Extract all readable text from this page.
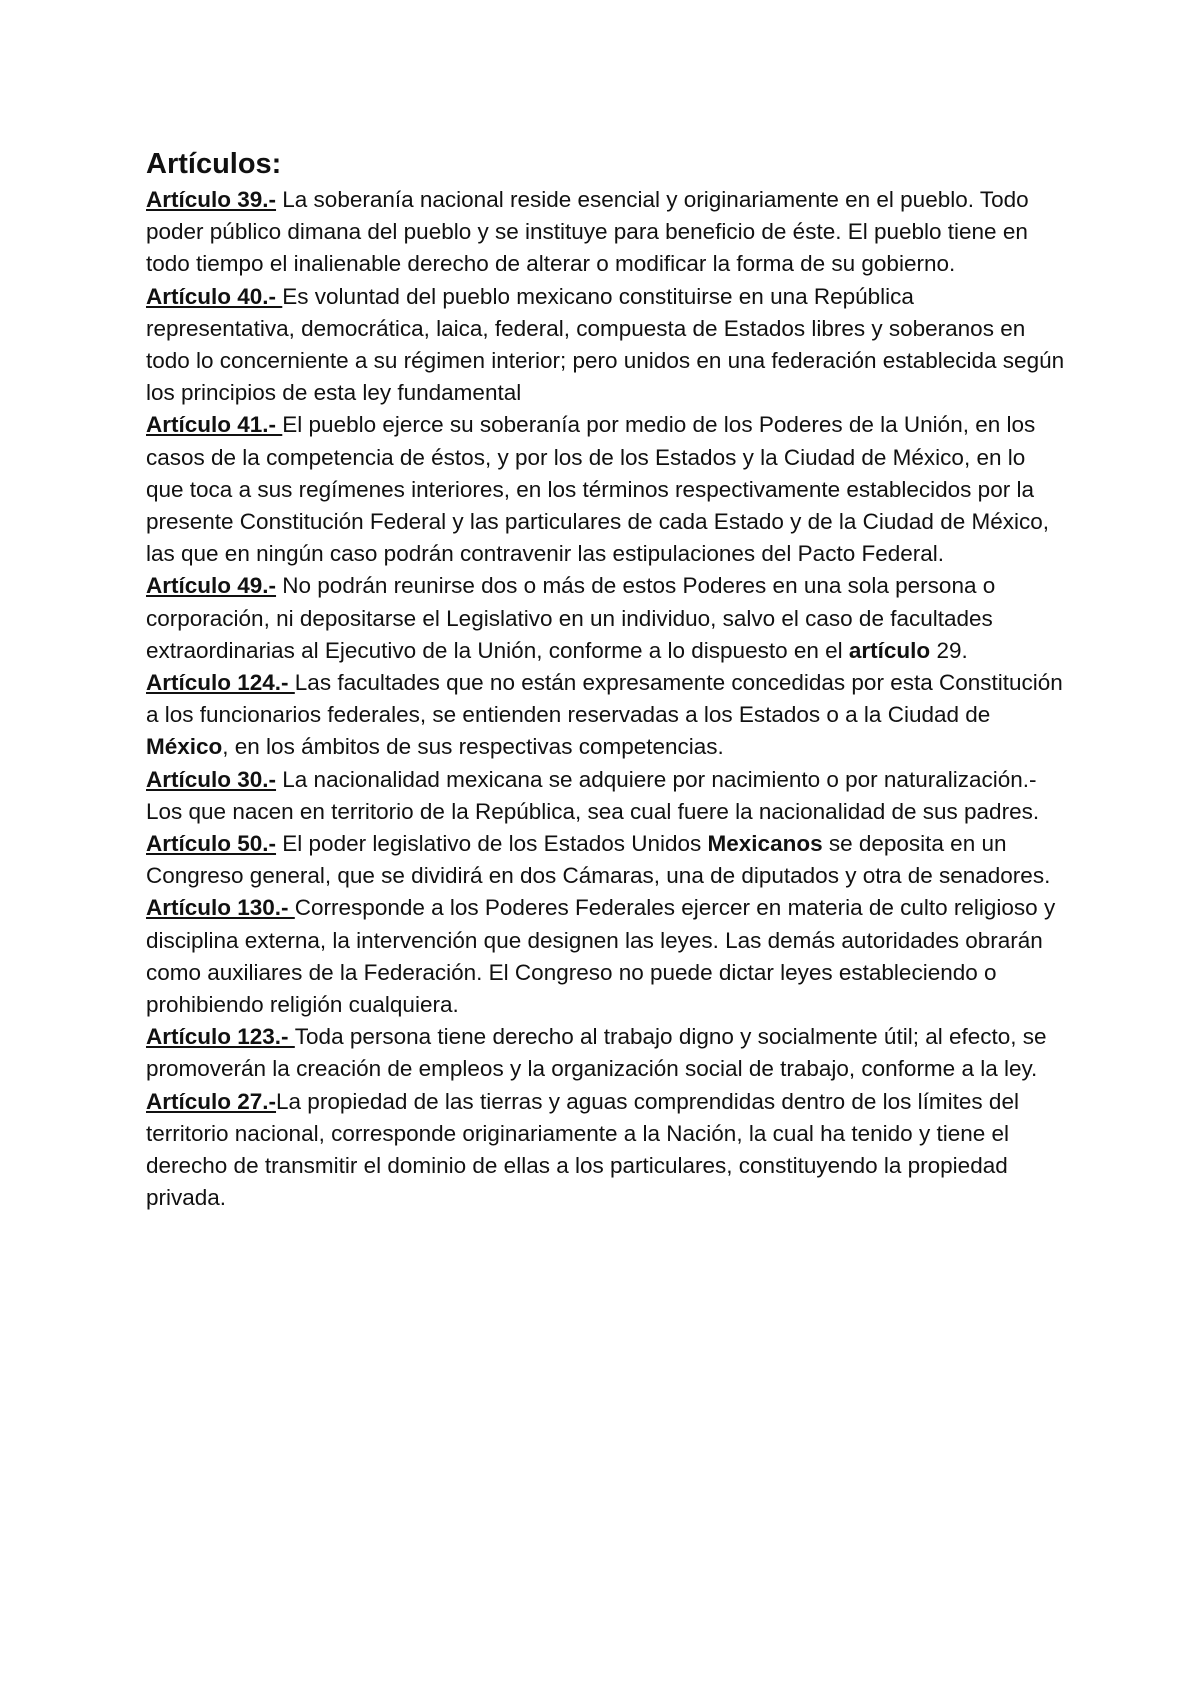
Artículos:

Artículo 39.- La soberanía nacional reside esencial y originariamente en el pueblo. Todo poder público dimana del pueblo y se instituye para beneficio de éste. El pueblo tiene en todo tiempo el inalienable derecho de alterar o modificar la forma de su gobierno.

Artículo 40.- Es voluntad del pueblo mexicano constituirse en una República representativa, democrática, laica, federal, compuesta de Estados libres y soberanos en todo lo concerniente a su régimen interior; pero unidos en una federación establecida según los principios de esta ley fundamental

Artículo 41.- El pueblo ejerce su soberanía por medio de los Poderes de la Unión, en los casos de la competencia de éstos, y por los de los Estados y la Ciudad de México, en lo que toca a sus regímenes interiores, en los términos respectivamente establecidos por la presente Constitución Federal y las particulares de cada Estado y de la Ciudad de México, las que en ningún caso podrán contravenir las estipulaciones del Pacto Federal.

Artículo 49.- No podrán reunirse dos o más de estos Poderes en una sola persona o corporación, ni depositarse el Legislativo en un individuo, salvo el caso de facultades extraordinarias al Ejecutivo de la Unión, conforme a lo dispuesto en el artículo 29.

Artículo 124.- Las facultades que no están expresamente concedidas por esta Constitución a los funcionarios federales, se entienden reservadas a los Estados o a la Ciudad de México, en los ámbitos de sus respectivas competencias.

Artículo 30.- La nacionalidad mexicana se adquiere por nacimiento o por naturalización.- Los que nacen en territorio de la República, sea cual fuere la nacionalidad de sus padres.

Artículo 50.- El poder legislativo de los Estados Unidos Mexicanos se deposita en un Congreso general, que se dividirá en dos Cámaras, una de diputados y otra de senadores.

Artículo 130.- Corresponde a los Poderes Federales ejercer en materia de culto religioso y disciplina externa, la intervención que designen las leyes. Las demás autoridades obrarán como auxiliares de la Federación. El Congreso no puede dictar leyes estableciendo o prohibiendo religión cualquiera.

Artículo 123.- Toda persona tiene derecho al trabajo digno y socialmente útil; al efecto, se promoverán la creación de empleos y la organización social de trabajo, conforme a la ley.

Artículo 27.-La propiedad de las tierras y aguas comprendidas dentro de los límites del territorio nacional, corresponde originariamente a la Nación, la cual ha tenido y tiene el derecho de transmitir el dominio de ellas a los particulares, constituyendo la propiedad privada.
